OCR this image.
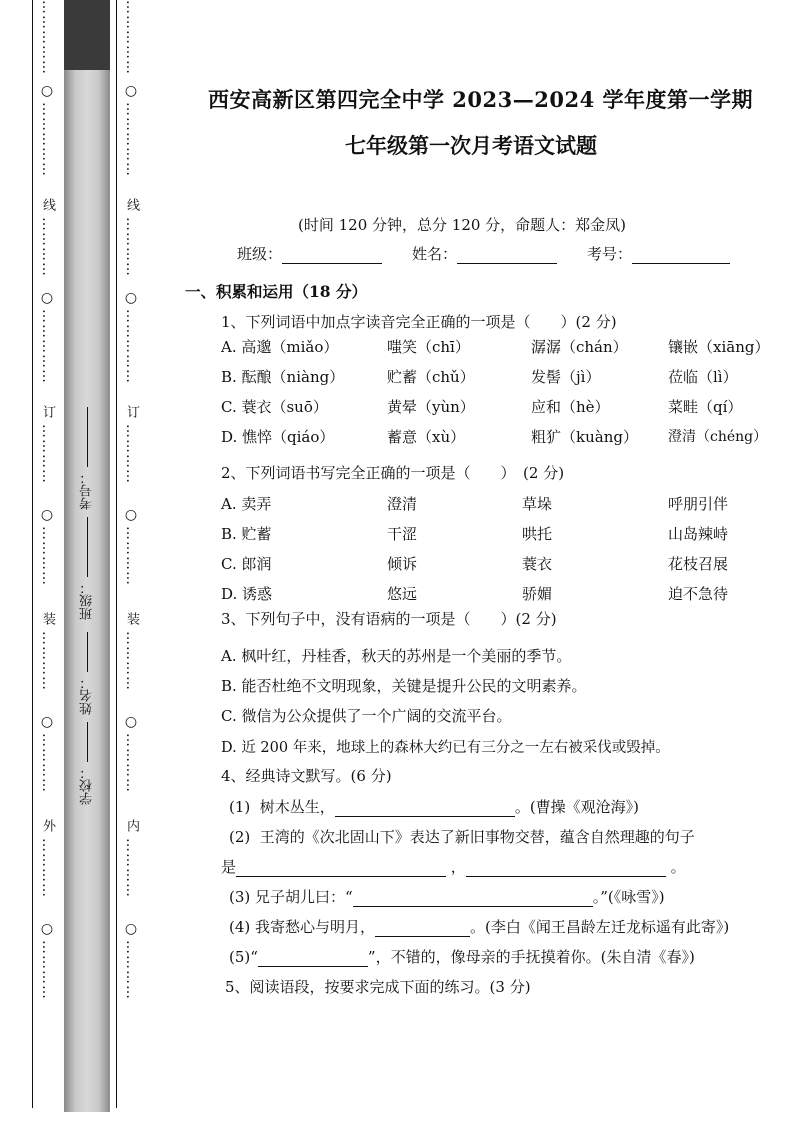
……………
○
……………
线
…………
○
……………
订
…………
○
…………
装
…………
○
…………
外
…………
○
…………
……………
○
……………
线
…………
○
……………
订
…………
○
…………
装
…………
○
…………
内
…………
○
…………
考号：
班级：
姓名：
学校：
西安高新区第四完全中学 2023—2024 学年度第一学期
七年级第一次月考语文试题
(时间 120 分钟，总分 120 分，命题人：郑金凤)
班级：	姓名：	考号：
一、积累和运用（18 分）
1、下列词语中加点字读音完全正确的一项是（　　）(2 分)
A. 高邈（miǎo）	嗤笑（chī）	潺潺（chán）	镶嵌（xiāng）
B. 酝酿（niàng）	贮蓄（chǔ）	发髻（jì）	莅临（lì）
C. 蓑衣（suō）	黄晕（yùn）	应和（hè）	菜畦（qí）
D. 憔悴（qiáo）	蓄意（xù）	粗犷（kuàng） 澄清（chéng）
2、下列词语书写完全正确的一项是（　　）　(2 分)
A. 卖弄	澄清	草垛	呼朋引伴
B. 贮蓄	干涩	哄托	山岛辣峙
C. 郎润	倾诉	蓑衣	花枝召展
D. 诱惑	悠远	骄媚	迫不急待
3、下列句子中，没有语病的一项是（　　）(2 分)
A. 枫叶红，丹桂香，秋天的苏州是一个美丽的季节。
B. 能否杜绝不文明现象，关键是提升公民的文明素养。
C. 微信为公众提供了一个广阔的交流平台。
D. 近 200 年来，地球上的森林大约已有三分之一左右被采伐或毁掉。
4、经典诗文默写。(6 分)
(1) 树木丛生，	。(曹操《观沧海》)
(2) 王湾的《次北固山下》表达了新旧事物交替，蕴含自然理趣的句子
是	，	。
(3) 兄子胡儿曰：“	。”(《咏雪》)
(4) 我寄愁心与明月，	。(李白《闻王昌龄左迁龙标遥有此寄》)
(5)“	”，不错的，像母亲的手抚摸着你。(朱自清《春》)
5、阅读语段，按要求完成下面的练习。(3 分)
